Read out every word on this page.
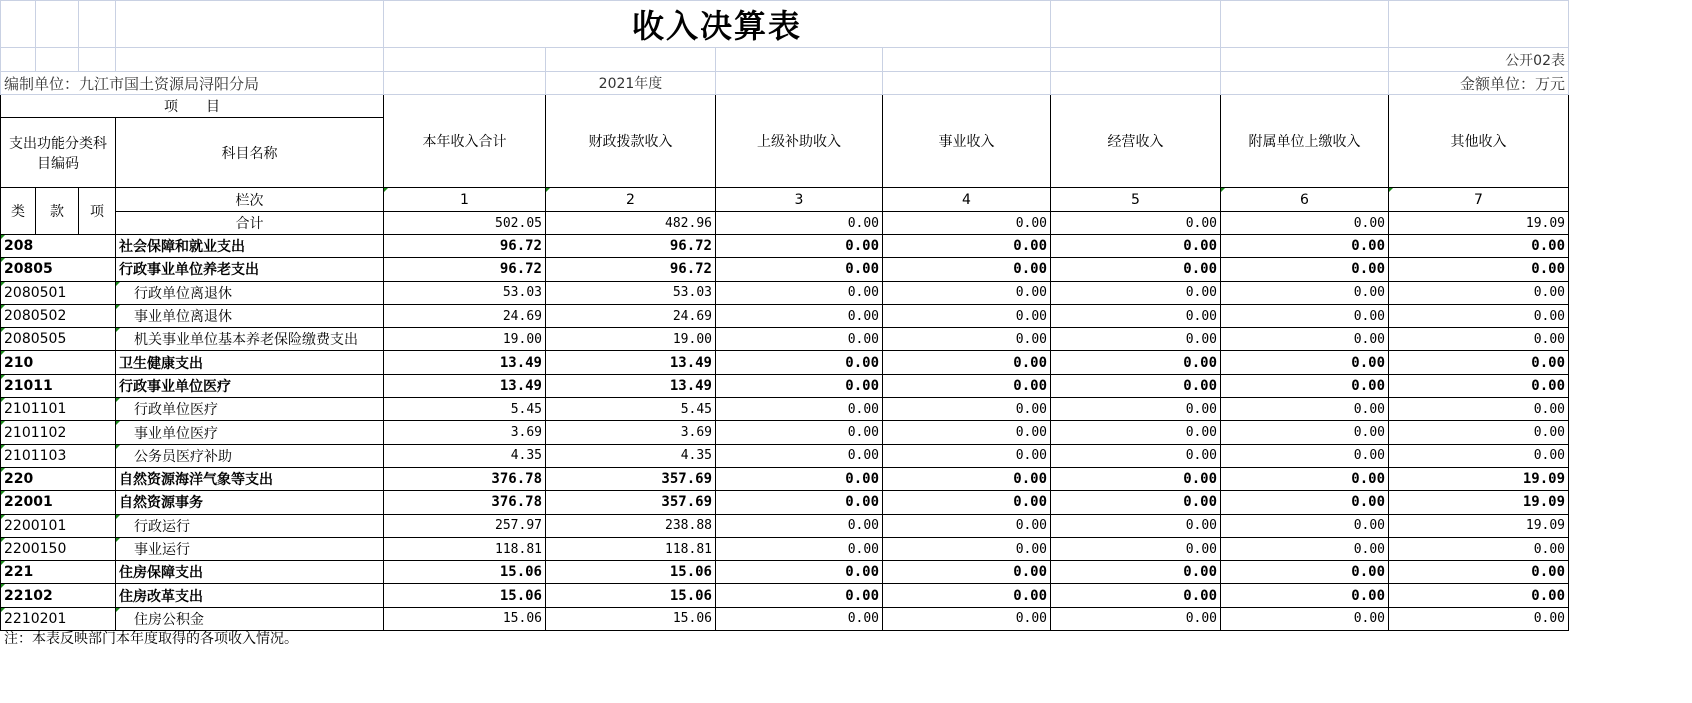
				收入决算表						
										公开02表
编制单位：九江市国土资源局浔阳分局					2021年度					金额单位：万元
项　　目				本年收入合计	财政拨款收入	上级补助收入	事业收入	经营收入	附属单位上缴收入	其他收入
支出功能分类科目编码			科目名称							
类	款	项	栏次	1	2	3	4	5	6	7
			合计	502.05	482.96	0.00	0.00	0.00	0.00	19.09
208			社会保障和就业支出	96.72	96.72	0.00	0.00	0.00	0.00	0.00
20805			行政事业单位养老支出	96.72	96.72	0.00	0.00	0.00	0.00	0.00
2080501			行政单位离退休	53.03	53.03	0.00	0.00	0.00	0.00	0.00
2080502			事业单位离退休	24.69	24.69	0.00	0.00	0.00	0.00	0.00
2080505			机关事业单位基本养老保险缴费支出	19.00	19.00	0.00	0.00	0.00	0.00	0.00
210			卫生健康支出	13.49	13.49	0.00	0.00	0.00	0.00	0.00
21011			行政事业单位医疗	13.49	13.49	0.00	0.00	0.00	0.00	0.00
2101101			行政单位医疗	5.45	5.45	0.00	0.00	0.00	0.00	0.00
2101102			事业单位医疗	3.69	3.69	0.00	0.00	0.00	0.00	0.00
2101103			公务员医疗补助	4.35	4.35	0.00	0.00	0.00	0.00	0.00
220			自然资源海洋气象等支出	376.78	357.69	0.00	0.00	0.00	0.00	19.09
22001			自然资源事务	376.78	357.69	0.00	0.00	0.00	0.00	19.09
2200101			行政运行	257.97	238.88	0.00	0.00	0.00	0.00	19.09
2200150			事业运行	118.81	118.81	0.00	0.00	0.00	0.00	0.00
221			住房保障支出	15.06	15.06	0.00	0.00	0.00	0.00	0.00
22102			住房改革支出	15.06	15.06	0.00	0.00	0.00	0.00	0.00
2210201			住房公积金	15.06	15.06	0.00	0.00	0.00	0.00	0.00
注：本表反映部门本年度取得的各项收入情况。
